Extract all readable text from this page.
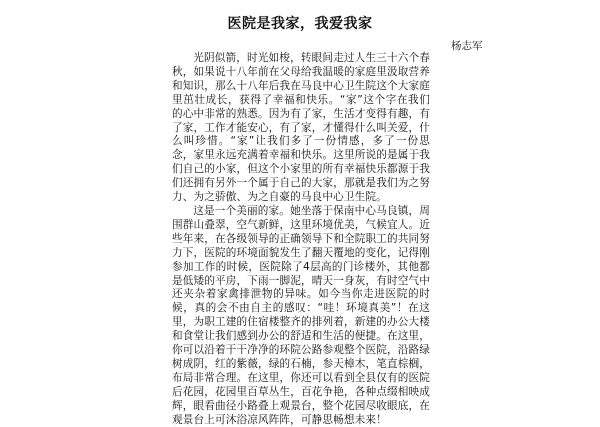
医院是我家，我爱我家
杨志军

光阴似箭，时光如梭，转眼间走过人生三十六个春秋，如果说十八年前在父母给我温暖的家庭里汲取营养和知识，那么十八年后我在马良中心卫生院这个大家庭里茁壮成长，获得了幸福和快乐。“家”这个字在我们的心中非常的熟悉。因为有了家，生活才变得有趣，有了家，工作才能安心，有了家，才懂得什么叫关爱，什么叫珍惜。“家”让我们多了一份情感，多了一份思念，家里永远充满着幸福和快乐。这里所说的是属于我们自己的小家，但这个小家里的所有幸福快乐都源于我们还拥有另外一个属于自己的大家，那就是我们为之努力、为之骄傲、为之自豪的马良中心卫生院。

这是一个美丽的家。她坐落于保南中心马良镇，周围群山叠翠，空气新鲜，这里环境优美，气候宜人。近些年来，在各级领导的正确领导下和全院职工的共同努力下，医院的环境面貌发生了翻天覆地的变化，记得刚参加工作的时候，医院除了4层高的门诊楼外，其他都是低矮的平房，下雨一脚泥，晴天一身灰，有时空气中还夹杂着家禽排泄物的异味。如今当你走进医院的时候，真的会不由自主的感叹：“哇！环境真美”！在这里，为职工建的住宿楼整齐的排列着，新建的办公大楼和食堂让我们感到办公的舒适和生活的便捷。在这里，你可以沿着干干净净的环院公路参观整个医院，沿路绿树成阴，红的紫薇，绿的石楠，参天樟木，笔直棕榈，布局非常合理。在这里，你还可以看到全县仅有的医院后花园，花园里百草丛生，百花争艳，各种点缀相映成辉，眼看曲径小路叠上观景台，整个花园尽收眼底，在观景台上可沐浴凉风阵阵，可静思畅想未来！
